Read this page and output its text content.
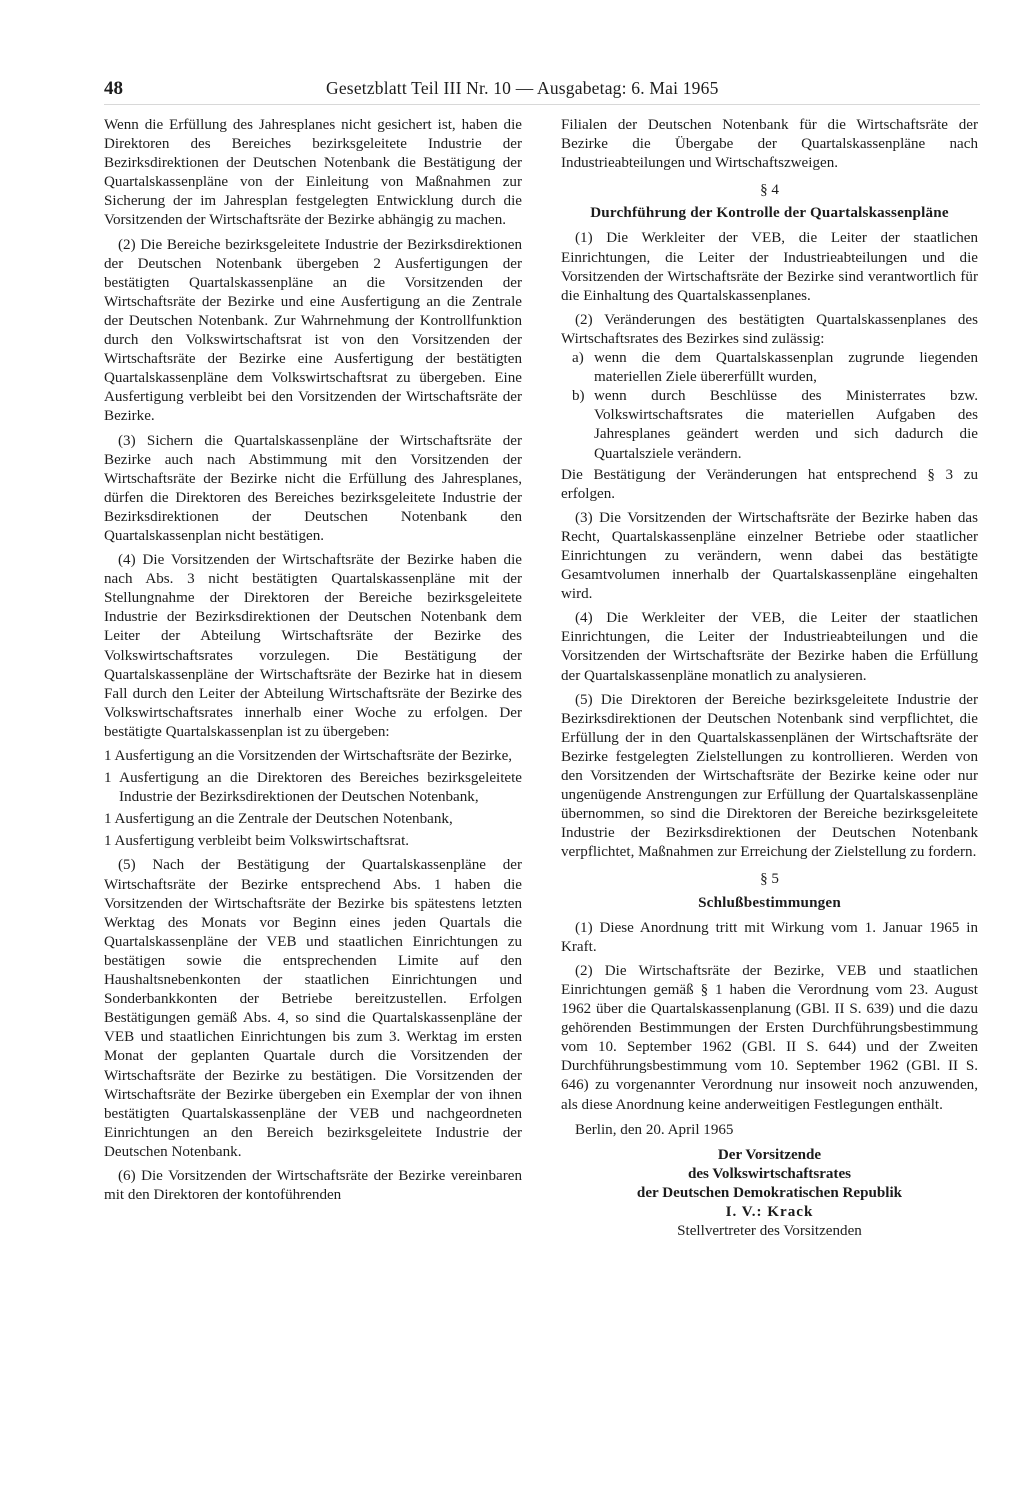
48	Gesetzblatt Teil III Nr. 10 — Ausgabetag: 6. Mai 1965

Wenn die Erfüllung des Jahresplanes nicht gesichert ist, haben die Direktoren des Bereiches bezirksgeleitete Industrie der Bezirksdirektionen der Deutschen Notenbank die Bestätigung der Quartalskassenpläne von der Einleitung von Maßnahmen zur Sicherung der im Jahresplan festgelegten Entwicklung durch die Vorsitzenden der Wirtschaftsräte der Bezirke abhängig zu machen.

(2) Die Bereiche bezirksgeleitete Industrie der Bezirksdirektionen der Deutschen Notenbank übergeben 2 Ausfertigungen der bestätigten Quartalskassenpläne an die Vorsitzenden der Wirtschaftsräte der Bezirke und eine Ausfertigung an die Zentrale der Deutschen Notenbank. Zur Wahrnehmung der Kontrollfunktion durch den Volkswirtschaftsrat ist von den Vorsitzenden der Wirtschaftsräte der Bezirke eine Ausfertigung der bestätigten Quartalskassenpläne dem Volkswirtschaftsrat zu übergeben. Eine Ausfertigung verbleibt bei den Vorsitzenden der Wirtschaftsräte der Bezirke.

(3) Sichern die Quartalskassenpläne der Wirtschaftsräte der Bezirke auch nach Abstimmung mit den Vorsitzenden der Wirtschaftsräte der Bezirke nicht die Erfüllung des Jahresplanes, dürfen die Direktoren des Bereiches bezirksgeleitete Industrie der Bezirksdirektionen der Deutschen Notenbank den Quartalskassenplan nicht bestätigen.

(4) Die Vorsitzenden der Wirtschaftsräte der Bezirke haben die nach Abs. 3 nicht bestätigten Quartalskassenpläne mit der Stellungnahme der Direktoren der Bereiche bezirksgeleitete Industrie der Bezirksdirektionen der Deutschen Notenbank dem Leiter der Abteilung Wirtschaftsräte der Bezirke des Volkswirtschaftsrates vorzulegen. Die Bestätigung der Quartalskassenpläne der Wirtschaftsräte der Bezirke hat in diesem Fall durch den Leiter der Abteilung Wirtschaftsräte der Bezirke des Volkswirtschaftsrates innerhalb einer Woche zu erfolgen. Der bestätigte Quartalskassenplan ist zu übergeben:

1 Ausfertigung an die Vorsitzenden der Wirtschaftsräte der Bezirke,
1 Ausfertigung an die Direktoren des Bereiches bezirksgeleitete Industrie der Bezirksdirektionen der Deutschen Notenbank,
1 Ausfertigung an die Zentrale der Deutschen Notenbank,
1 Ausfertigung verbleibt beim Volkswirtschaftsrat.

(5) Nach der Bestätigung der Quartalskassenpläne der Wirtschaftsräte der Bezirke entsprechend Abs. 1 haben die Vorsitzenden der Wirtschaftsräte der Bezirke bis spätestens letzten Werktag des Monats vor Beginn eines jeden Quartals die Quartalskassenpläne der VEB und staatlichen Einrichtungen zu bestätigen sowie die entsprechenden Limite auf den Haushaltsnebenkonten der staatlichen Einrichtungen und Sonderbankkonten der Betriebe bereitzustellen. Erfolgen Bestätigungen gemäß Abs. 4, so sind die Quartalskassenpläne der VEB und staatlichen Einrichtungen bis zum 3. Werktag im ersten Monat der geplanten Quartale durch die Vorsitzenden der Wirtschaftsräte der Bezirke zu bestätigen. Die Vorsitzenden der Wirtschaftsräte der Bezirke übergeben ein Exemplar der von ihnen bestätigten Quartalskassenpläne der VEB und nachgeordneten Einrichtungen an den Bereich bezirksgeleitete Industrie der Deutschen Notenbank.

(6) Die Vorsitzenden der Wirtschaftsräte der Bezirke vereinbaren mit den Direktoren der kontoführenden

Filialen der Deutschen Notenbank für die Wirtschaftsräte der Bezirke die Übergabe der Quartalskassenpläne nach Industrieabteilungen und Wirtschaftszweigen.

§ 4
Durchführung der Kontrolle der Quartalskassenpläne

(1) Die Werkleiter der VEB, die Leiter der staatlichen Einrichtungen, die Leiter der Industrieabteilungen und die Vorsitzenden der Wirtschaftsräte der Bezirke sind verantwortlich für die Einhaltung des Quartalskassenplanes.

(2) Veränderungen des bestätigten Quartalskassenplanes des Wirtschaftsrates des Bezirkes sind zulässig:

a) wenn die dem Quartalskassenplan zugrunde liegenden materiellen Ziele übererfüllt wurden,
b) wenn durch Beschlüsse des Ministerrates bzw. Volkswirtschaftsrates die materiellen Aufgaben des Jahresplanes geändert werden und sich dadurch die Quartalsziele verändern.

Die Bestätigung der Veränderungen hat entsprechend § 3 zu erfolgen.

(3) Die Vorsitzenden der Wirtschaftsräte der Bezirke haben das Recht, Quartalskassenpläne einzelner Betriebe oder staatlicher Einrichtungen zu verändern, wenn dabei das bestätigte Gesamtvolumen innerhalb der Quartalskassenpläne eingehalten wird.

(4) Die Werkleiter der VEB, die Leiter der staatlichen Einrichtungen, die Leiter der Industrieabteilungen und die Vorsitzenden der Wirtschaftsräte der Bezirke haben die Erfüllung der Quartalskassenpläne monatlich zu analysieren.

(5) Die Direktoren der Bereiche bezirksgeleitete Industrie der Bezirksdirektionen der Deutschen Notenbank sind verpflichtet, die Erfüllung der in den Quartalskassenplänen der Wirtschaftsräte der Bezirke festgelegten Zielstellungen zu kontrollieren. Werden von den Vorsitzenden der Wirtschaftsräte der Bezirke keine oder nur ungenügende Anstrengungen zur Erfüllung der Quartalskassenpläne übernommen, so sind die Direktoren der Bereiche bezirksgeleitete Industrie der Bezirksdirektionen der Deutschen Notenbank verpflichtet, Maßnahmen zur Erreichung der Zielstellung zu fordern.

§ 5
Schlußbestimmungen

(1) Diese Anordnung tritt mit Wirkung vom 1. Januar 1965 in Kraft.

(2) Die Wirtschaftsräte der Bezirke, VEB und staatlichen Einrichtungen gemäß § 1 haben die Verordnung vom 23. August 1962 über die Quartalskassenplanung (GBl. II S. 639) und die dazu gehörenden Bestimmungen der Ersten Durchführungsbestimmung vom 10. September 1962 (GBl. II S. 644) und der Zweiten Durchführungsbestimmung vom 10. September 1962 (GBl. II S. 646) zu vorgenannter Verordnung nur insoweit noch anzuwenden, als diese Anordnung keine anderweitigen Festlegungen enthält.

Berlin, den 20. April 1965
Der Vorsitzende
des Volkswirtschaftsrates
der Deutschen Demokratischen Republik
I. V.: Krack
Stellvertreter des Vorsitzenden
